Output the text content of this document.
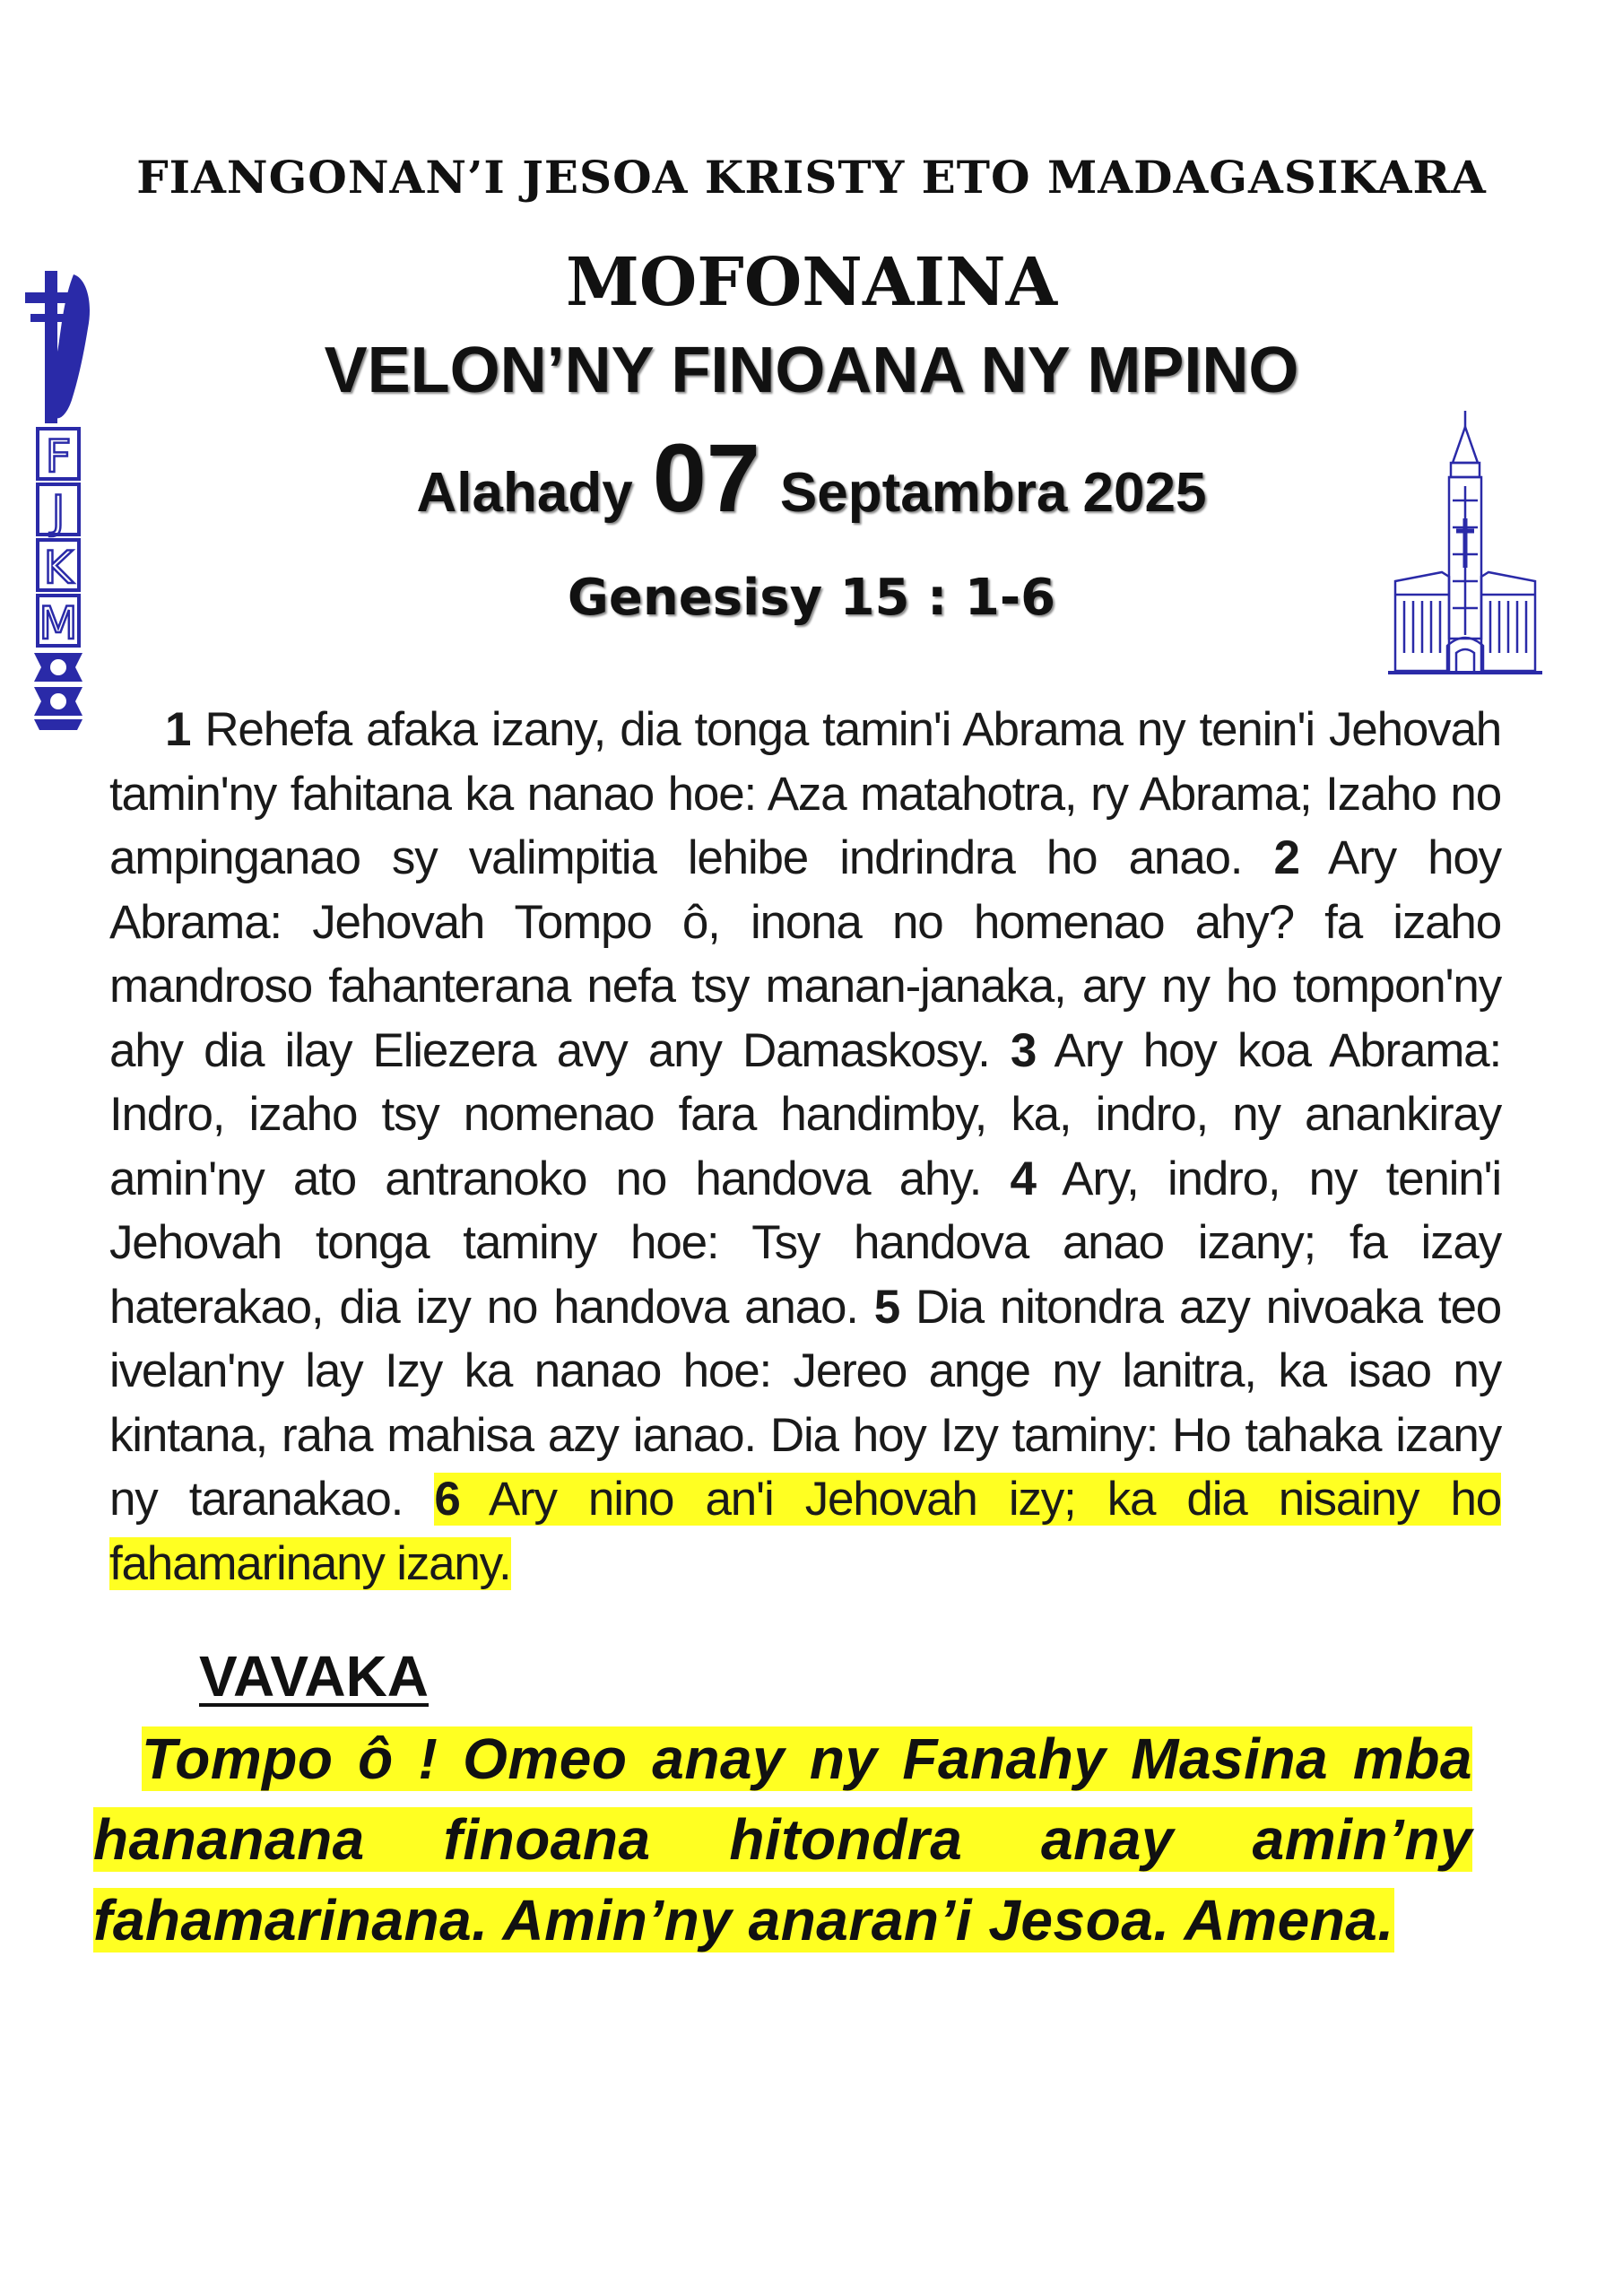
FIANGONAN’I JESOA KRISTY ETO MADAGASIKARA
MOFONAINA
VELON’NY FINOANA NY MPINO
Alahady 07 Septambra 2025
Genesisy 15 : 1-6
F
J
K
M
1 Rehefa afaka izany, dia tonga tamin'i Abrama ny tenin'i Jehovah tamin'ny fahitana ka nanao hoe: Aza matahotra, ry Abrama; Izaho no ampinganao sy valimpitia lehibe indrindra ho anao. 2 Ary hoy Abrama: Jehovah Tompo ô, inona no homenao ahy? fa izaho mandroso fahanterana nefa tsy manan-janaka, ary ny ho tompon'ny ahy dia ilay Eliezera avy any Damaskosy. 3 Ary hoy koa Abrama: Indro, izaho tsy nomenao fara handimby, ka, indro, ny anankiray amin'ny ato antranoko no handova ahy. 4 Ary, indro, ny tenin'i Jehovah tonga taminy hoe: Tsy handova anao izany; fa izay haterakao, dia izy no handova anao. 5 Dia nitondra azy nivoaka teo ivelan'ny lay Izy ka nanao hoe: Jereo ange ny lanitra, ka isao ny kintana, raha mahisa azy ianao. Dia hoy Izy taminy: Ho tahaka izany ny taranakao. 6 Ary nino an'i Jehovah izy; ka dia nisainy ho fahamarinany izany.
VAVAKA
Tompo ô ! Omeo anay ny Fanahy Masina mba hananana finoana hitondra anay amin’ny fahamarinana. Amin’ny anaran’i Jesoa. Amena.
